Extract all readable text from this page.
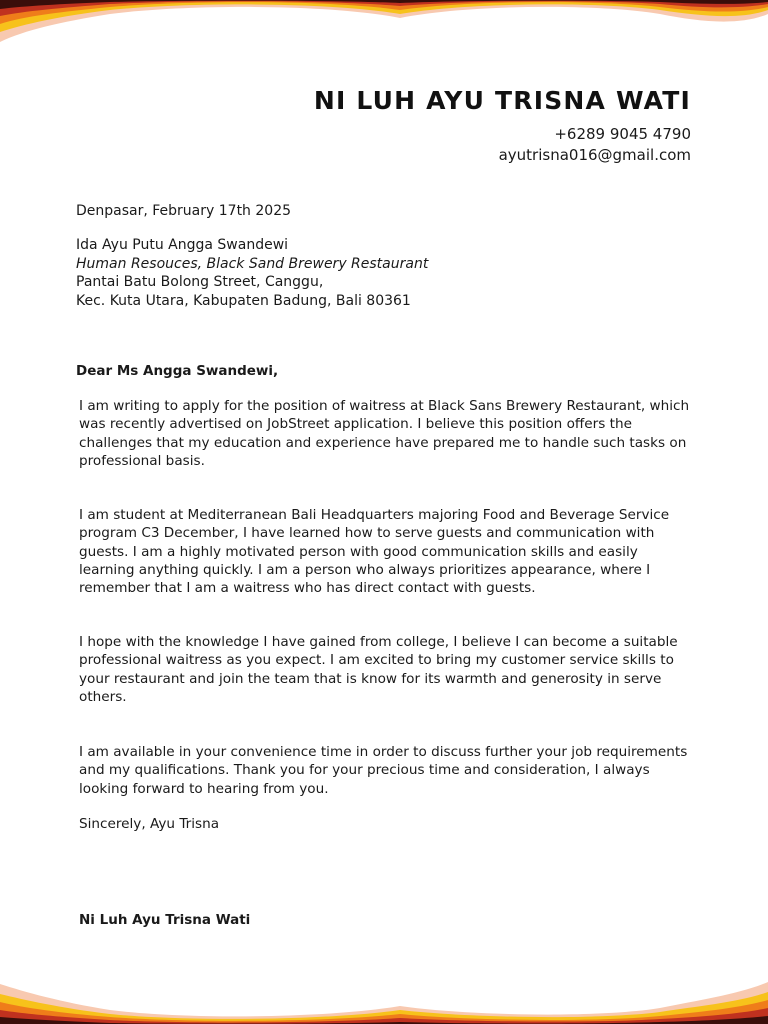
NI LUH AYU TRISNA WATI
+6289 9045 4790
ayutrisna016@gmail.com
Denpasar, February 17th 2025
Ida Ayu Putu Angga Swandewi
Human Resouces, Black Sand Brewery Restaurant
Pantai Batu Bolong Street, Canggu,
Kec. Kuta Utara, Kabupaten Badung, Bali 80361
Dear Ms Angga Swandewi,
I am writing to apply for the position of waitress at Black Sans Brewery Restaurant, which was recently advertised on JobStreet application. I believe this position offers the challenges that my education and experience have prepared me to handle such tasks on professional basis.
I am student at Mediterranean Bali Headquarters majoring Food and Beverage Service program C3 December, I have learned how to serve guests and communication with guests. I am a highly motivated person with good communication skills and easily learning anything quickly. I am a person who always prioritizes appearance, where I remember that I am a waitress who has direct contact with guests.
I hope with the knowledge I have gained from college, I believe I can become a suitable professional waitress as you expect. I am excited to bring my customer service skills to your restaurant and join the team that is know for its warmth and generosity in serve others.
I am available in your convenience time in order to discuss further your job requirements and my qualifications. Thank you for your precious time and consideration, I always looking forward to hearing from you.
Sincerely, Ayu Trisna
Ni Luh Ayu Trisna Wati
